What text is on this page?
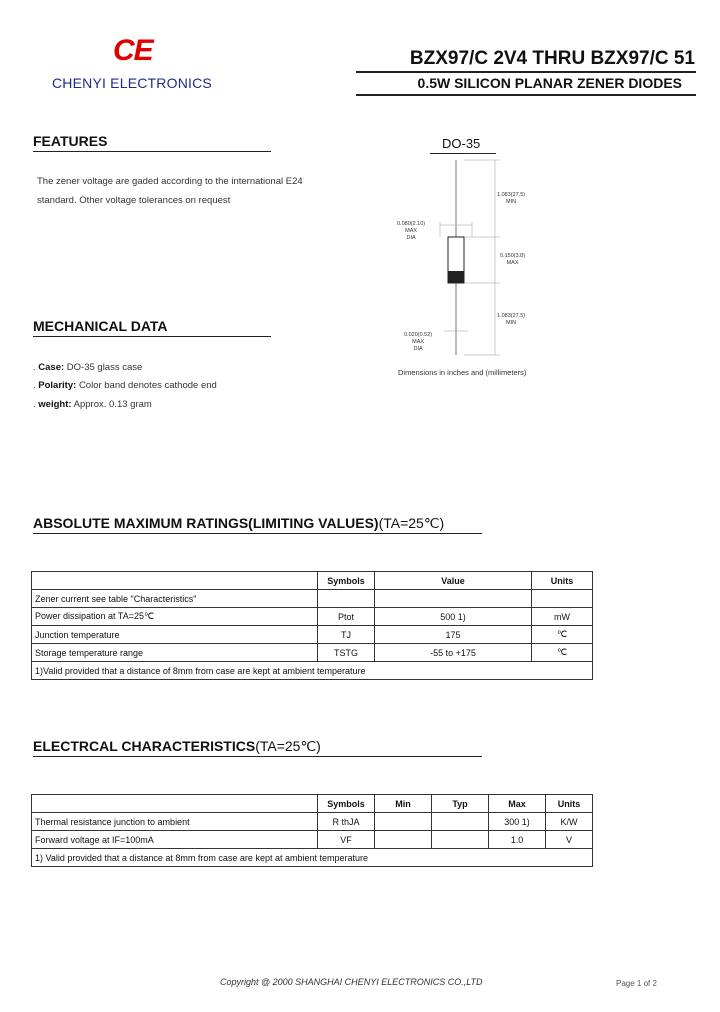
CE
CHENYI ELECTRONICS
BZX97/C 2V4 THRU BZX97/C 51
0.5W SILICON PLANAR ZENER DIODES
FEATURES
The zener voltage are gaded according to the international E24
standard. Other voltage tolerances on request
DO-35
1.083(27.5)
MIN
0.080(2.10)
MAX
DIA
0.150(3.8)
MAX
1.083(27.5)
MIN
0.020(0.52)
MAX
DIA
Dimensions in inches and (millimeters)
MECHANICAL DATA
. Case: DO-35 glass case
. Polarity: Color band denotes cathode end
. weight: Approx. 0.13 gram
ABSOLUTE MAXIMUM RATINGS(LIMITING VALUES)(TA=25℃)
	Symbols	Value	Units
Zener current see table "Characteristics"			
Power dissipation at TA=25℃	Ptot	500 1)	mW
Junction temperature	TJ	175	℃
Storage temperature range	TSTG	-55 to +175	℃
1)Valid provided that a distance of 8mm from case are kept at ambient temperature			
ELECTRCAL CHARACTERISTICS(TA=25℃)
	Symbols	Min	Typ	Max	Units
Thermal resistance junction to ambient	R thJA			300 1)	K/W
Forward voltage at IF=100mA	VF			1.0	V
1) Valid provided that a distance at 8mm from case are kept at ambient temperature					
Copyright @ 2000 SHANGHAI CHENYI ELECTRONICS CO.,LTD	Page 1 of 2
